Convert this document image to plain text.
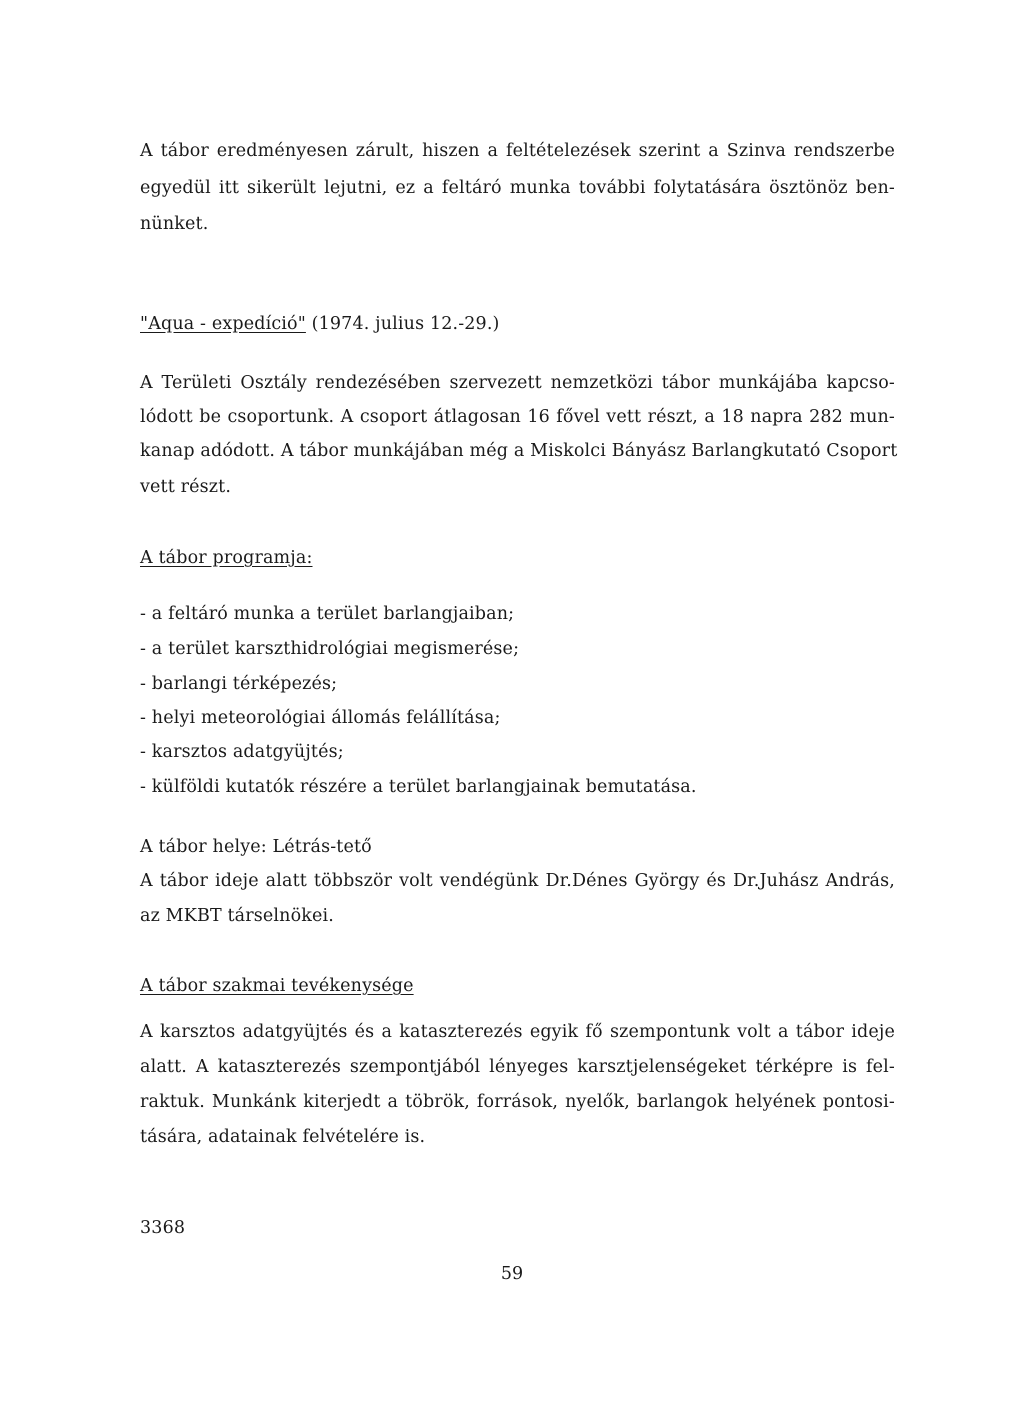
A tábor eredményesen zárult, hiszen a feltételezések szerint a Szinva rendszerbe
egyedül itt sikerült lejutni, ez a feltáró munka további folytatására ösztönöz ben-
nünket.
"Aqua - expedíció" (1974. julius 12.-29.)
A Területi Osztály rendezésében szervezett nemzetközi tábor munkájába kapcso-
lódott be csoportunk. A csoport átlagosan 16 fővel vett részt, a 18 napra 282 mun-
kanap adódott. A tábor munkájában még a Miskolci Bányász Barlangkutató Csoport
vett részt.
A tábor programja:
- a feltáró munka a terület barlangjaiban;
- a terület karszthidrológiai megismerése;
- barlangi térképezés;
- helyi meteorológiai állomás felállítása;
- karsztos adatgyüjtés;
- külföldi kutatók részére a terület barlangjainak bemutatása.
A tábor helye: Létrás-tető
A tábor ideje alatt többször volt vendégünk Dr.Dénes György és Dr.Juhász András,
az MKBT társelnökei.
A tábor szakmai tevékenysége
A karsztos adatgyüjtés és a kataszterezés egyik fő szempontunk volt a tábor ideje
alatt. A kataszterezés szempontjából lényeges karsztjelenségeket térképre is fel-
raktuk. Munkánk kiterjedt a töbrök, források, nyelők, barlangok helyének pontosi-
tására, adatainak felvételére is.
3368
59
